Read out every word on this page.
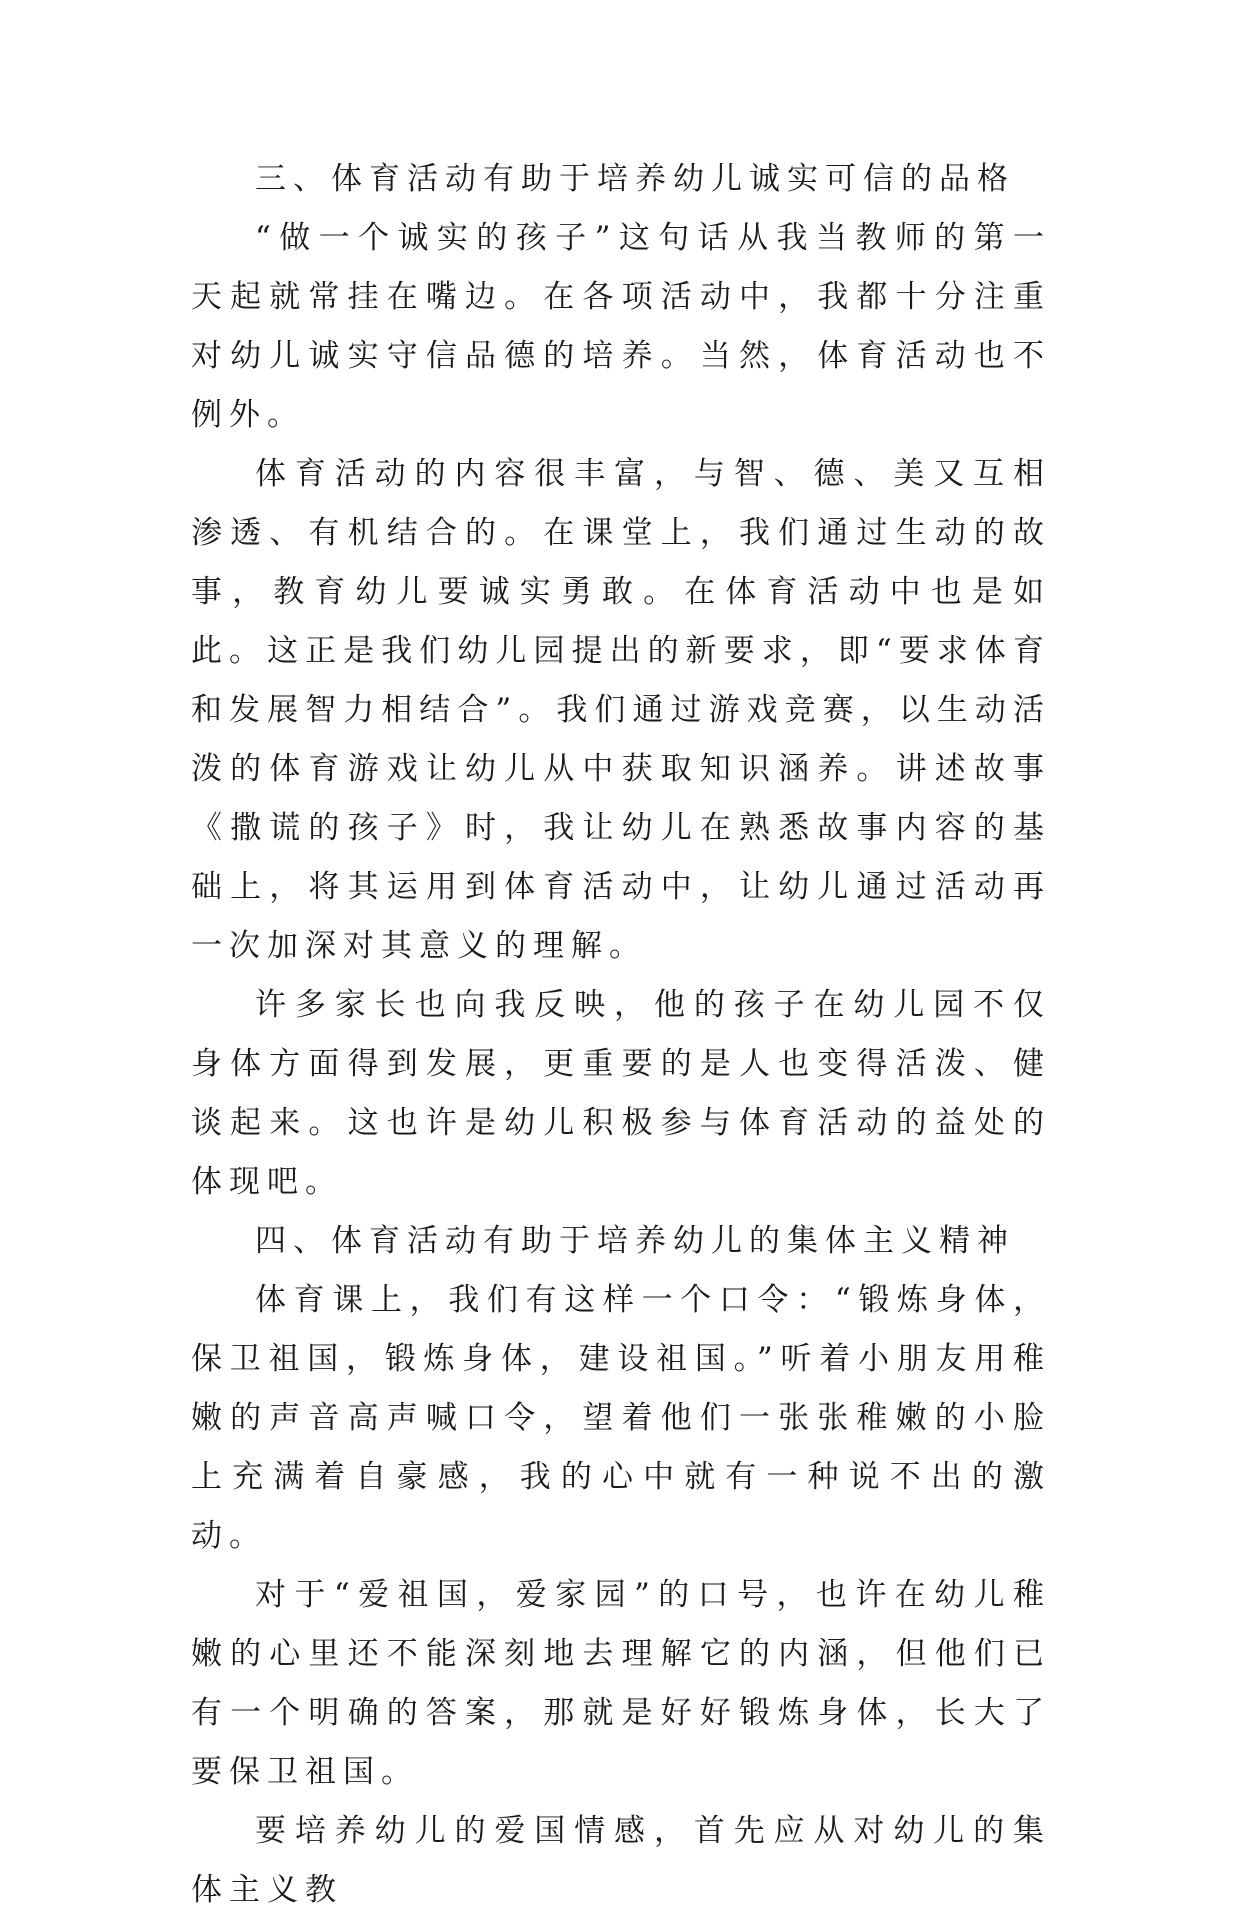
三、体育活动有助于培养幼儿诚实可信的品格

“做一个诚实的孩子”这句话从我当教师的第一天起就常挂在嘴边。在各项活动中，我都十分注重对幼儿诚实守信品德的培养。当然，体育活动也不例外。

体育活动的内容很丰富，与智、德、美又互相渗透、有机结合的。在课堂上，我们通过生动的故事，教育幼儿要诚实勇敢。在体育活动中也是如此。这正是我们幼儿园提出的新要求，即“要求体育和发展智力相结合”。我们通过游戏竞赛，以生动活泼的体育游戏让幼儿从中获取知识涵养。讲述故事《撒谎的孩子》时，我让幼儿在熟悉故事内容的基础上，将其运用到体育活动中，让幼儿通过活动再一次加深对其意义的理解。

许多家长也向我反映，他的孩子在幼儿园不仅身体方面得到发展，更重要的是人也变得活泼、健谈起来。这也许是幼儿积极参与体育活动的益处的体现吧。

四、体育活动有助于培养幼儿的集体主义精神

体育课上，我们有这样一个口令：“锻炼身体，保卫祖国，锻炼身体，建设祖国。”听着小朋友用稚嫩的声音高声喊口令，望着他们一张张稚嫩的小脸上充满着自豪感，我的心中就有一种说不出的激动。

对于“爱祖国，爱家园”的口号，也许在幼儿稚嫩的心里还不能深刻地去理解它的内涵，但他们已有一个明确的答案，那就是好好锻炼身体，长大了要保卫祖国。

要培养幼儿的爱国情感，首先应从对幼儿的集体主义教
